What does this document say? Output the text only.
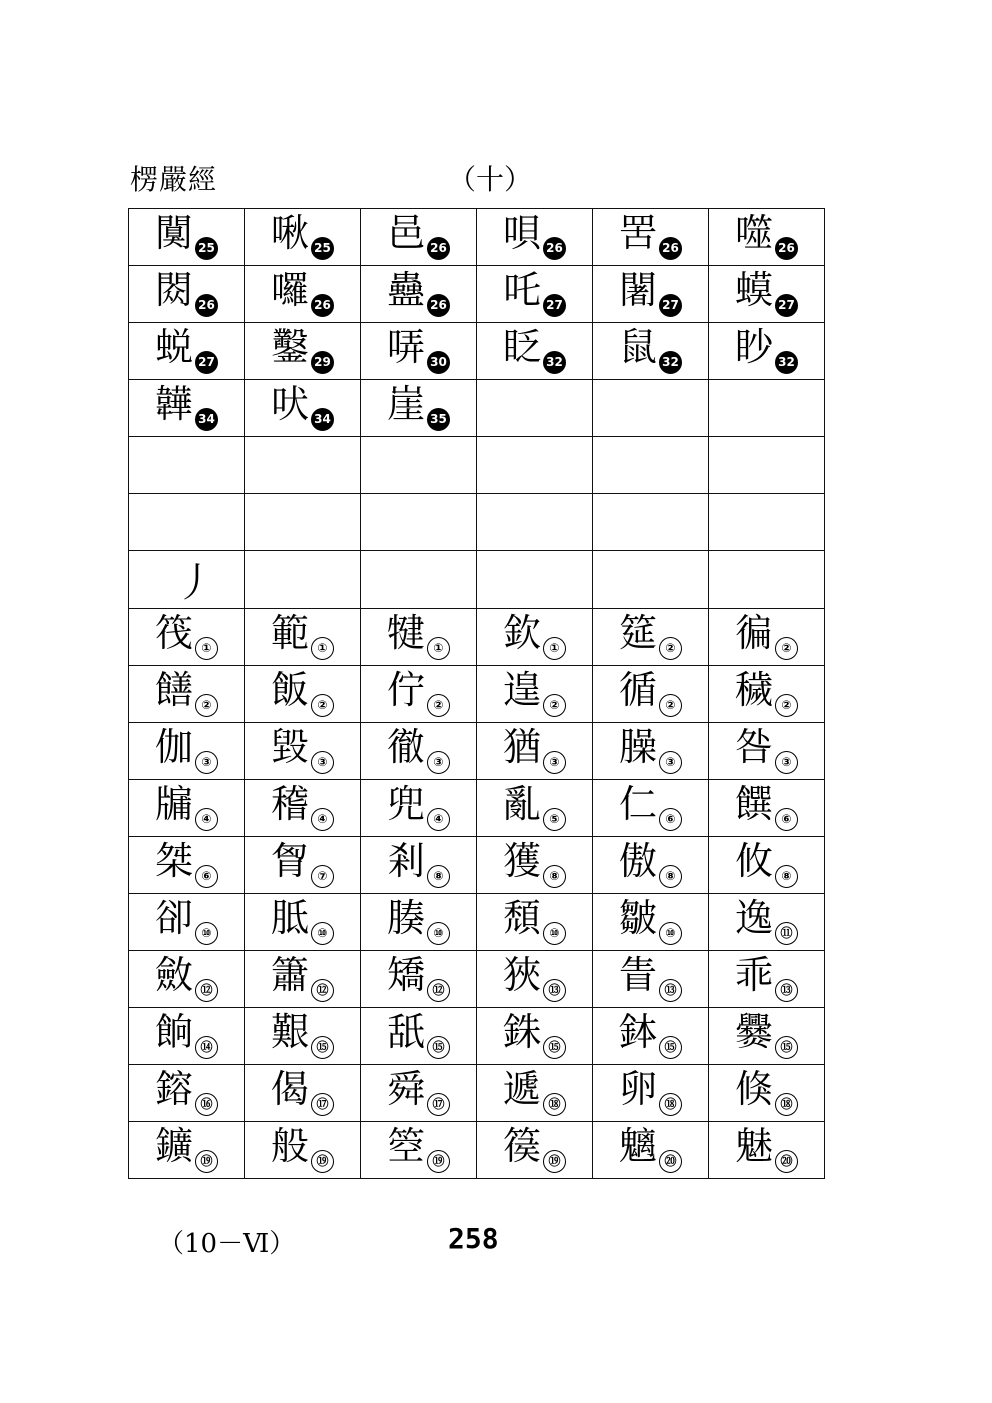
楞嚴經	（十）
闃 25	啾 25	邑 26	唄 26	罟 26	噬 26
閦 26	囉 26	蠱 26	吒 27	闍 27	蟆 27
蜕 27	鑿 29	哢 30	眨 32	鼠 32	眇 32
韡 34	吠 34	崖 35			

丿					
筏 ①	範 ①	犍 ①	欽 ①	筵 ②	徧 ②
饍 ②	飯 ②	佇 ②	遑 ②	循 ②	穢 ②
伽 ③	毀 ③	徹 ③	猶 ③	臊 ③	咎 ③
牖 ④	稽 ④	兜 ④	亂 ⑤	仁 ⑥	饌 ⑥
桀 ⑥	胷 ⑦	剎 ⑧	獲 ⑧	傲 ⑧	攸 ⑧
卻 ⑩	胝 ⑩	腠 ⑩	頹 ⑩	皺 ⑩	逸 ⑪
斂 ⑫	簫 ⑫	矯 ⑫	狹 ⑬	眚 ⑬	乖 ⑬
餉 ⑭	艱 ⑮	舐 ⑮	銖 ⑮	鉢 ⑮	爨 ⑮
鎔 ⑯	偈 ⑰	舜 ⑰	遞 ⑱	卵 ⑱	倏 ⑱
鑛 ⑲	般 ⑲	箜 ⑲	篌 ⑲	魑 ⑳	魅 ⑳
（10－Ⅵ）	258
